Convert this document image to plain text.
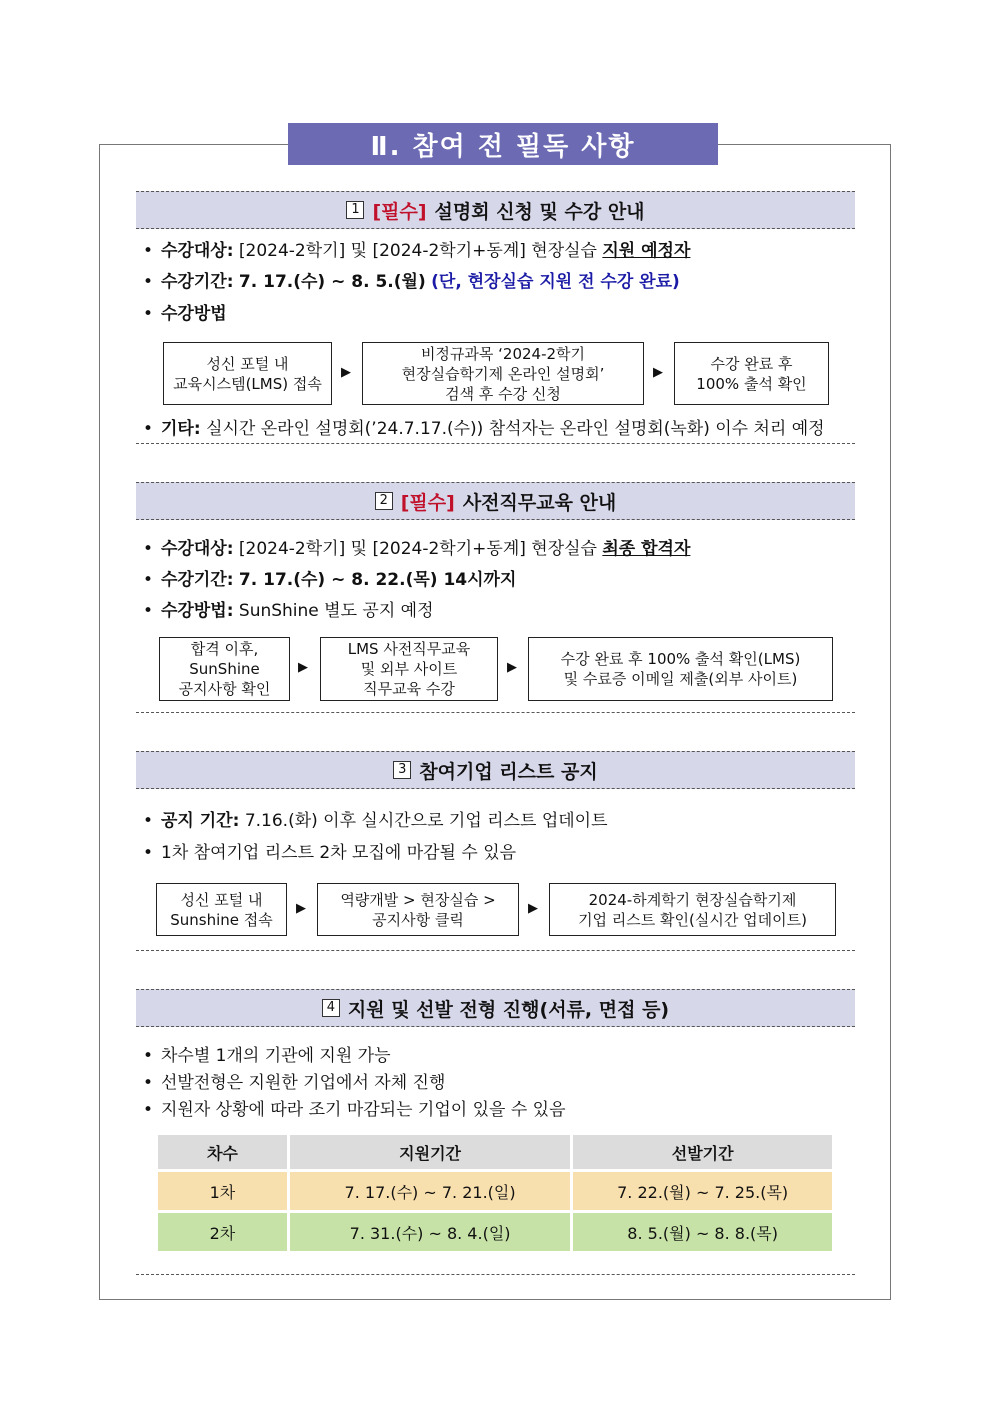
Ⅱ. 참여 전 필독 사항
1 [필수] 설명회 신청 및 수강 안내
• 수강대상: [2024-2학기] 및 [2024-2학기+동계] 현장실습 지원 예정자
• 수강기간: 7. 17.(수) ~ 8. 5.(월) (단, 현장실습 지원 전 수강 완료)
• 수강방법
성신 포털 내
교육시스템(LMS) 접속
▶
비정규과목 ‘2024-2학기
현장실습학기제 온라인 설명회’
검색 후 수강 신청
▶	수강 완료 후
100% 출석 확인
• 기타: 실시간 온라인 설명회(’24.7.17.(수)) 참석자는 온라인 설명회(녹화) 이수 처리 예정
2 [필수] 사전직무교육 안내
• 수강대상: [2024-2학기] 및 [2024-2학기+동계] 현장실습 최종 합격자
• 수강기간: 7. 17.(수) ~ 8. 22.(목) 14시까지
• 수강방법: SunShine 별도 공지 예정
합격 이후,
SunShine
공지사항 확인
▶
LMS 사전직무교육
및 외부 사이트
직무교육 수강
▶	수강 완료 후 100% 출석 확인(LMS)
및 수료증 이메일 제출(외부 사이트)
3 참여기업 리스트 공지
• 공지 기간: 7.16.(화) 이후 실시간으로 기업 리스트 업데이트
• 1차 참여기업 리스트 2차 모집에 마감될 수 있음
성신 포털 내
Sunshine 접속
▶	역량개발 > 현장실습 >
공지사항 클릭
▶	2024-하계학기 현장실습학기제
기업 리스트 확인(실시간 업데이트)
4 지원 및 선발 전형 진행(서류, 면접 등)
• 차수별 1개의 기관에 지원 가능
• 선발전형은 지원한 기업에서 자체 진행
• 지원자 상황에 따라 조기 마감되는 기업이 있을 수 있음
차수	지원기간	선발기간
1차	7. 17.(수) ~ 7. 21.(일)	7. 22.(월) ~ 7. 25.(목)
2차	7. 31.(수) ~ 8. 4.(일)	8. 5.(월) ~ 8. 8.(목)
